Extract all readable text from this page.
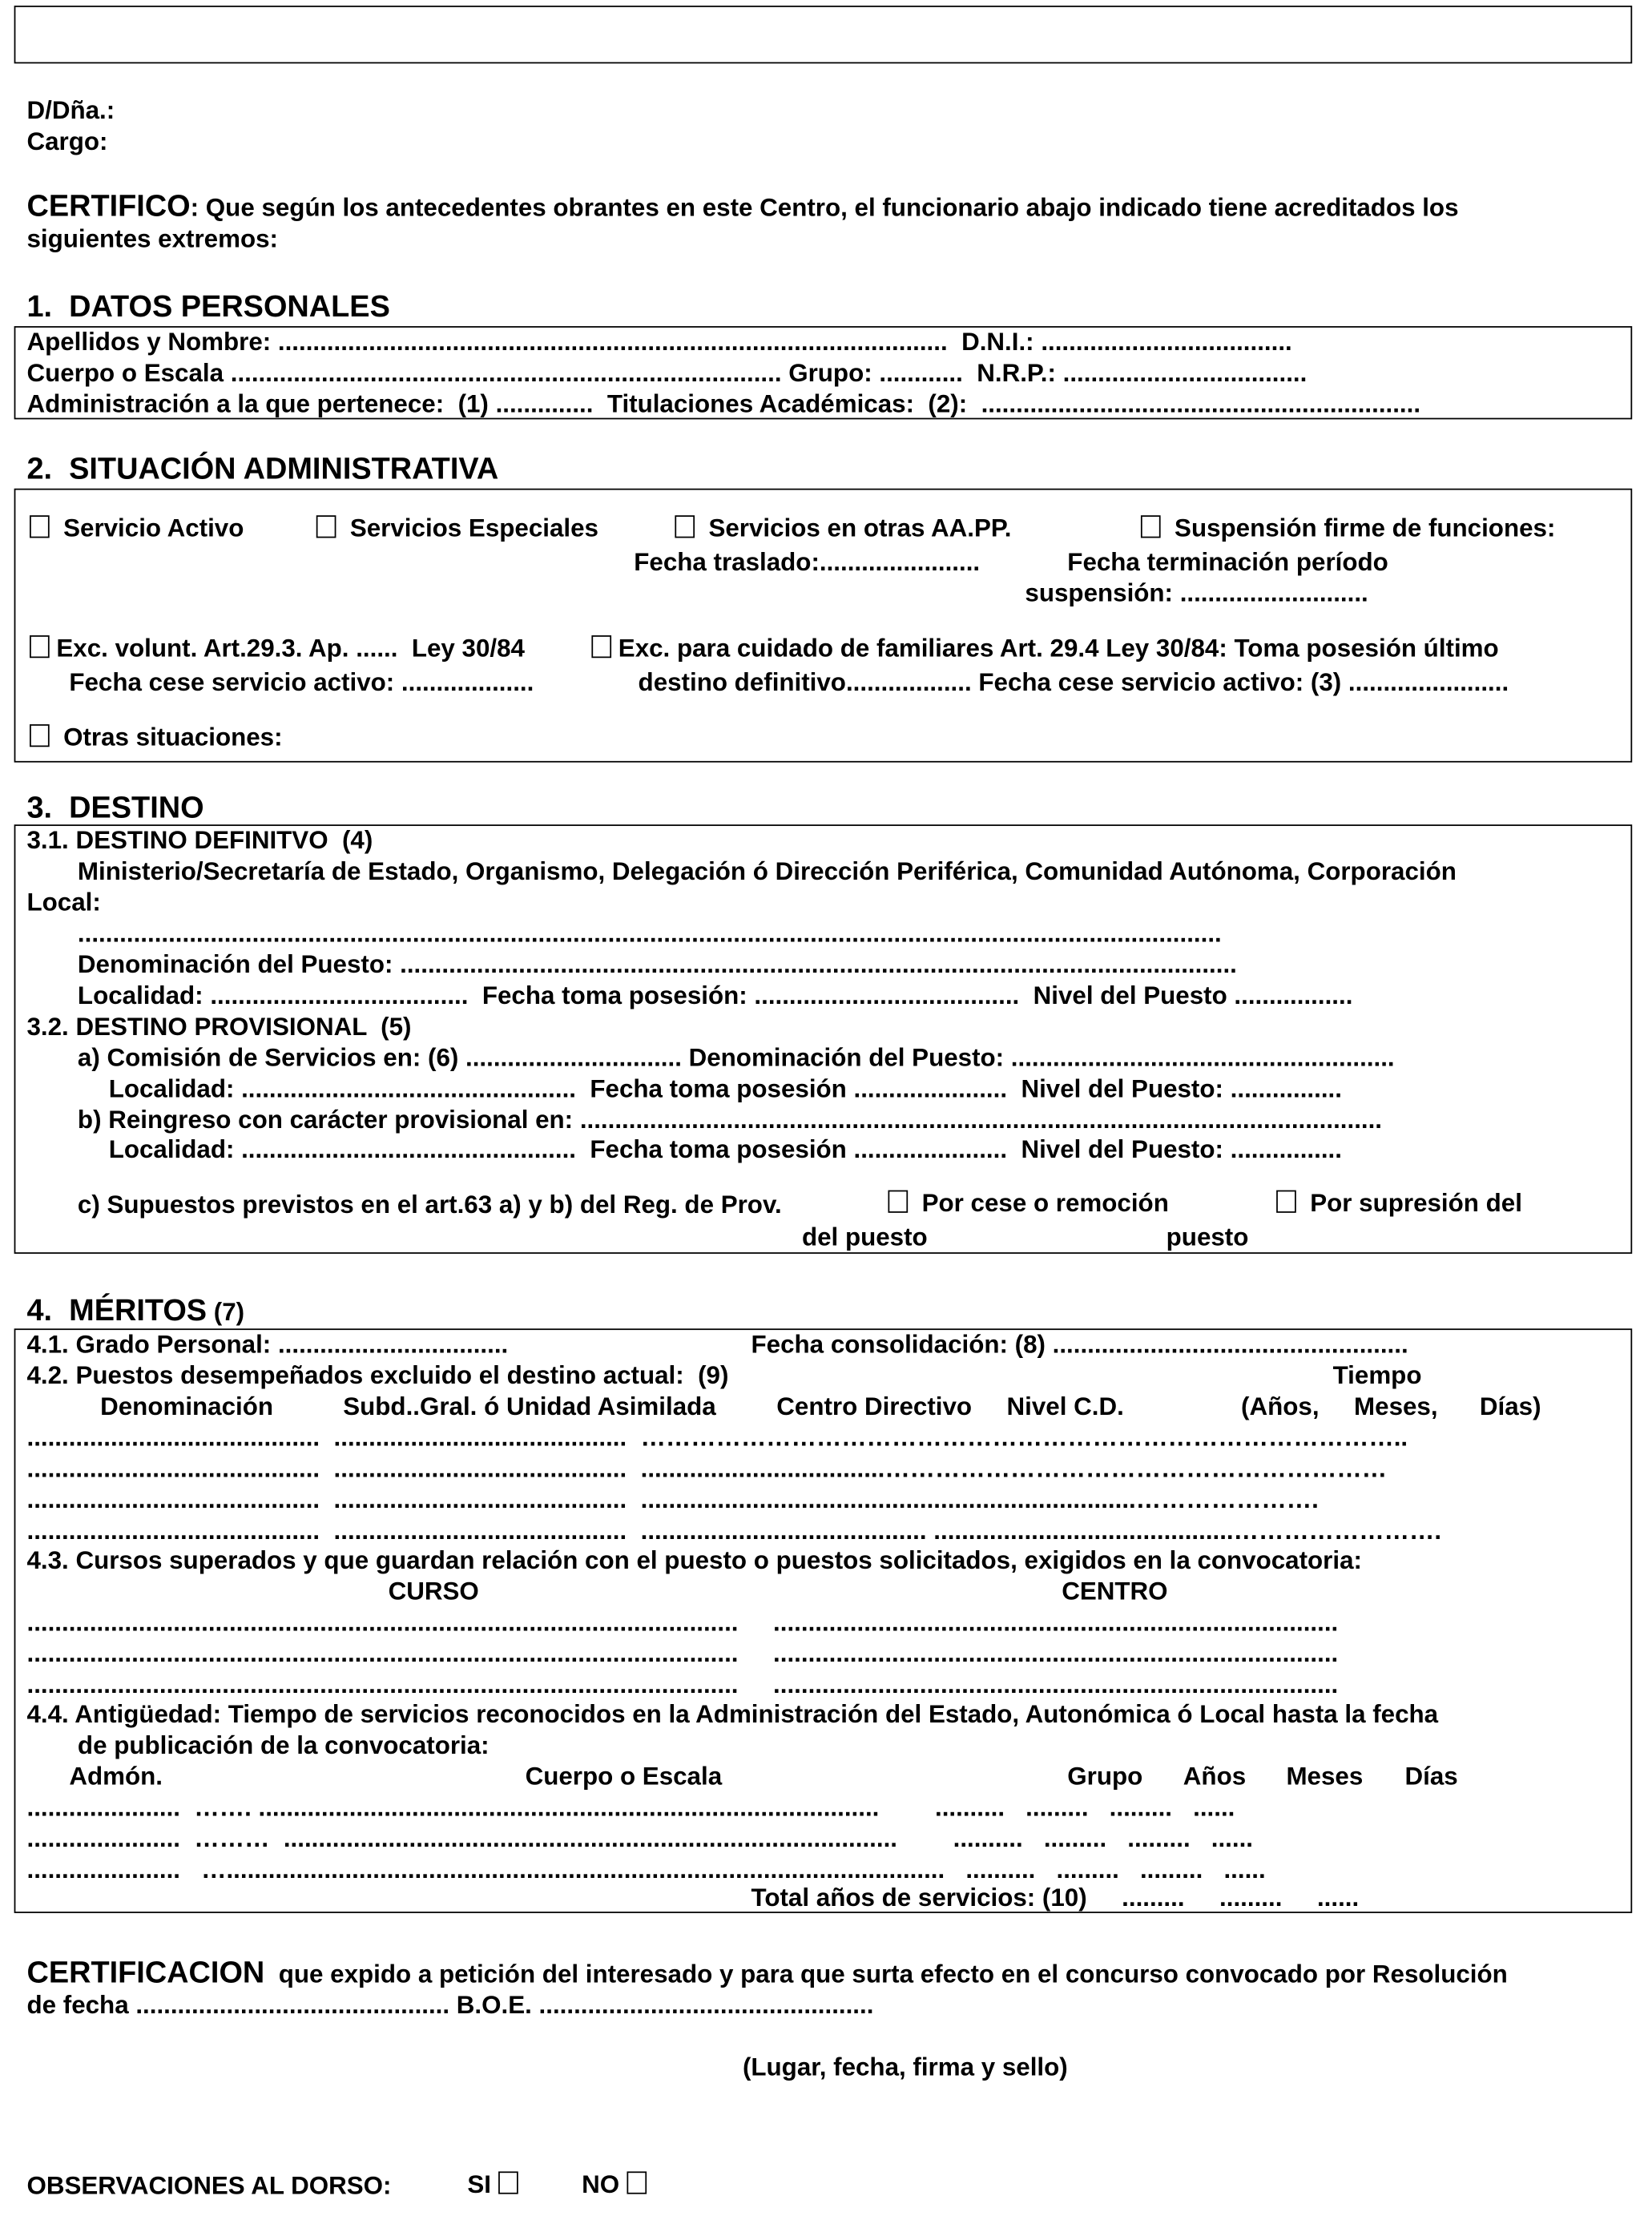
D/Dña.:
Cargo:
CERTIFICO: Que según los antecedentes obrantes en este Centro, el funcionario abajo indicado tiene acreditados los
siguientes extremos:
1.  DATOS PERSONALES
Apellidos y Nombre: ................................................................................................  D.N.I.: ....................................
Cuerpo o Escala ............................................................................... Grupo: ............  N.R.P.: ...................................
Administración a la que pertenece:  (1) ..............  Titulaciones Académicas:  (2):  ...............................................................
2.  SITUACIÓN ADMINISTRATIVA
Servicio Activo	Servicios Especiales	Servicios en otras AA.PP.	Suspensión firme de funciones:
Fecha traslado:.......................	Fecha terminación período
suspensión: ...........................
Exc. volunt. Art.29.3. Ap. ......  Ley 30/84	Exc. para cuidado de familiares Art. 29.4 Ley 30/84: Toma posesión último
Fecha cese servicio activo: ...................	destino definitivo.................. Fecha cese servicio activo: (3) .......................
Otras situaciones:
3.  DESTINO
3.1. DESTINO DEFINITVO  (4)
Ministerio/Secretaría de Estado, Organismo, Delegación ó Dirección Periférica, Comunidad Autónoma, Corporación
Local:
....................................................................................................................................................................
Denominación del Puesto: ........................................................................................................................
Localidad: .....................................  Fecha toma posesión: ......................................  Nivel del Puesto .................
3.2. DESTINO PROVISIONAL  (5)
a) Comisión de Servicios en: (6) ............................... Denominación del Puesto: .......................................................
Localidad: ................................................  Fecha toma posesión ......................  Nivel del Puesto: ................
b) Reingreso con carácter provisional en: ...................................................................................................................
Localidad: ................................................  Fecha toma posesión ......................  Nivel del Puesto: ................
c) Supuestos previstos en el art.63 a) y b) del Reg. de Prov.	Por cese o remoción	Por supresión del
del puesto	puesto
4.  MÉRITOS (7)
4.1. Grado Personal: .................................	Fecha consolidación: (8) ...................................................
4.2. Puestos desempeñados excluido el destino actual:  (9)	Tiempo
Denominación	Subd..Gral. ó Unidad Asimilada	Centro Directivo Nivel C.D.	(Años, Meses,	Días)
..........................................  ..........................................  ………………………………………………………………………………..
..........................................  ..........................................  ...................................……………………………………………………
..........................................  ..........................................  .......................................................................………………….
..........................................  ..........................................  ......................................... ...........................................…………………….
4.3. Cursos superados y que guardan relación con el puesto o puestos solicitados, exigidos en la convocatoria:
CURSO	CENTRO
......................................................................................................     .................................................................................
......................................................................................................     .................................................................................
......................................................................................................     .................................................................................
4.4. Antigüedad: Tiempo de servicios reconocidos en la Administración del Estado, Autonómica ó Local hasta la fecha
de publicación de la convocatoria:
Admón.	Cuerpo o Escala	Grupo	Años	Meses	Días
......................  ……. .........................................................................................        ..........   .........   .........   ......
......................  ………  ........................................................................................        ..........   .........   .........   ......
......................   ….......................................................................................................   ..........   .........   .........   ......
Total años de servicios: (10)     .........     .........     ......
CERTIFICACION que expido a petición del interesado y para que surta efecto en el concurso convocado por Resolución
de fecha ............................................. B.O.E. ................................................
(Lugar, fecha, firma y sello)
OBSERVACIONES AL DORSO:	SI	NO
